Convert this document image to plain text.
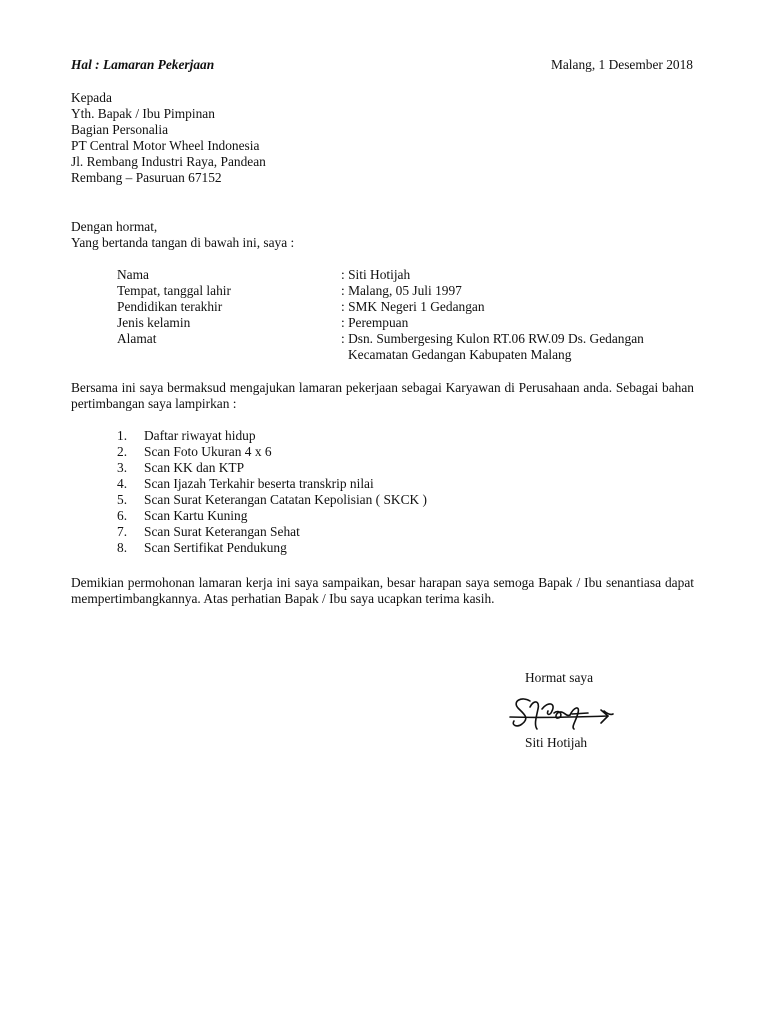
Hal : Lamaran Pekerjaan	Malang, 1 Desember 2018
Kepada
Yth. Bapak / Ibu Pimpinan
Bagian Personalia
PT Central Motor Wheel Indonesia
Jl. Rembang Industri Raya, Pandean
Rembang – Pasuruan 67152
Dengan hormat,
Yang bertanda tangan di bawah ini, saya :
Nama	: Siti Hotijah
Tempat, tanggal lahir	: Malang, 05 Juli 1997
Pendidikan terakhir	: SMK Negeri 1 Gedangan
Jenis kelamin	: Perempuan
Alamat	: Dsn. Sumbergesing Kulon RT.06 RW.09 Ds. Gedangan
Kecamatan Gedangan Kabupaten Malang
Bersama ini saya bermaksud mengajukan lamaran pekerjaan sebagai Karyawan di Perusahaan anda. Sebagai bahan pertimbangan saya lampirkan :
1. Daftar riwayat hidup
2. Scan Foto Ukuran 4 x 6
3. Scan KK dan KTP
4. Scan Ijazah Terkahir beserta transkrip nilai
5. Scan Surat Keterangan Catatan Kepolisian ( SKCK )
6. Scan Kartu Kuning
7. Scan Surat Keterangan Sehat
8. Scan Sertifikat Pendukung
Demikian permohonan lamaran kerja ini saya sampaikan, besar harapan saya semoga Bapak / Ibu senantiasa dapat mempertimbangkannya. Atas perhatian Bapak / Ibu saya ucapkan terima kasih.
Hormat saya
Siti Hotijah
